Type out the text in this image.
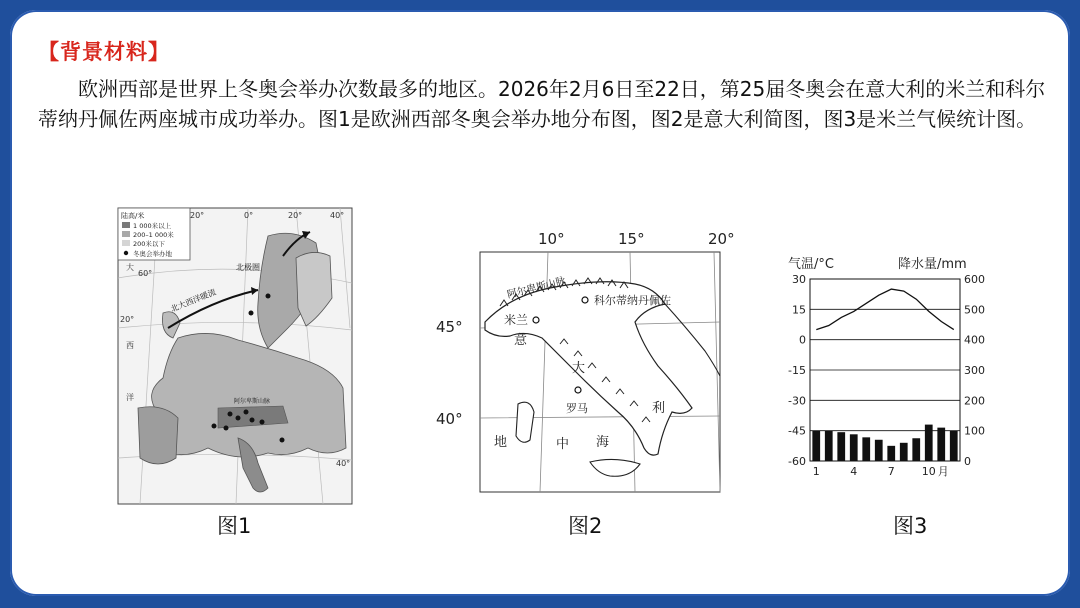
【背景材料】
欧洲西部是世界上冬奥会举办次数最多的地区。2026年2月6日至22日，第25届冬奥会在意大利的米兰和科尔蒂纳丹佩佐两座城市成功举办。图1是欧洲西部冬奥会举办地分布图，图2是意大利简图，图3是米兰气候统计图。
陆高/米
1 000米以上
200–1 000米
200米以下
冬奥会举办地
20°	0°	20°	40°
60°
20°
40°
大
西
洋
北大西洋暖流
北极圈
阿尔卑斯山脉
图1
10°	15°	20°
45°
40°
阿尔卑斯山脉 科尔蒂纳丹佩佐
米兰
意
大
利
罗马
地	中 海
图2
气温/°C	降水量/mm
30
15
0
-15
-30
-45
-60
600
500
400
300
200
100
0
1	4	7 10 月
图3
